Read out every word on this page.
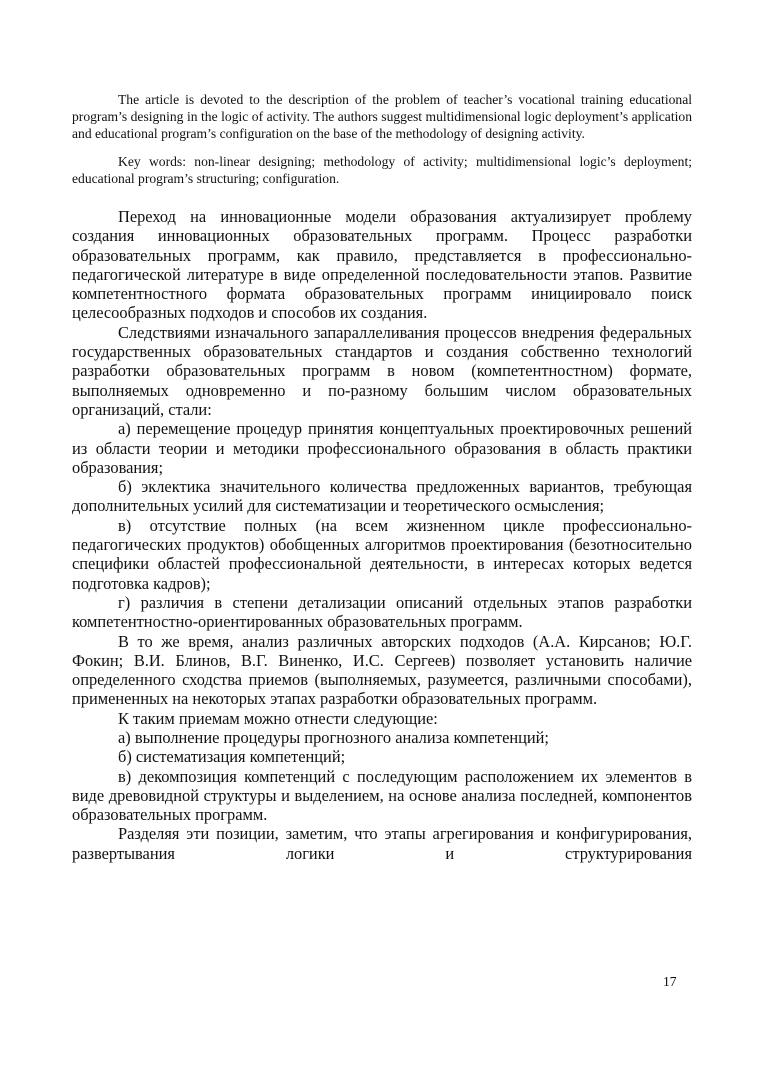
The article is devoted to the description of the problem of teacher’s vocational training educational program’s designing in the logic of activity. The authors suggest multidimensional logic deployment’s application and educational program’s configuration on the base of the methodology of designing activity.

Key words: non-linear designing; methodology of activity; multidimensional logic’s deployment; educational program’s structuring; configuration.

Переход на инновационные модели образования актуализирует проблему создания инновационных образовательных программ. Процесс разработки образовательных программ, как правило, представляется в профессионально-педагогической литературе в виде определенной последовательности этапов. Развитие компетентностного формата образовательных программ инициировало поиск целесообразных подходов и способов их создания.

Следствиями изначального запараллеливания процессов внедрения федеральных государственных образовательных стандартов и создания собственно технологий разработки образовательных программ в новом (компетентностном) формате, выполняемых одновременно и по-разному большим числом образовательных организаций, стали:

а) перемещение процедур принятия концептуальных проектировочных решений из области теории и методики профессионального образования в область практики образования;

б) эклектика значительного количества предложенных вариантов, требующая дополнительных усилий для систематизации и теоретического осмысления;

в) отсутствие полных (на всем жизненном цикле профессионально-педагогических продуктов) обобщенных алгоритмов проектирования (безотносительно специфики областей профессиональной деятельности, в интересах которых ведется подготовка кадров);

г) различия в степени детализации описаний отдельных этапов разработки компетентностно-ориентированных образовательных программ.

В то же время, анализ различных авторских подходов (А.А. Кирсанов; Ю.Г. Фокин; В.И. Блинов, В.Г. Виненко, И.С. Сергеев) позволяет установить наличие определенного сходства приемов (выполняемых, разумеется, различными способами), примененных на некоторых этапах разработки образовательных программ.

К таким приемам можно отнести следующие:

а) выполнение процедуры прогнозного анализа компетенций;

б) систематизация компетенций;

в) декомпозиция компетенций с последующим расположением их элементов в виде древовидной структуры и выделением, на основе анализа последней, компонентов образовательных программ.

Разделяя эти позиции, заметим, что этапы агрегирования и конфигурирования, развертывания логики и структурирования

17
